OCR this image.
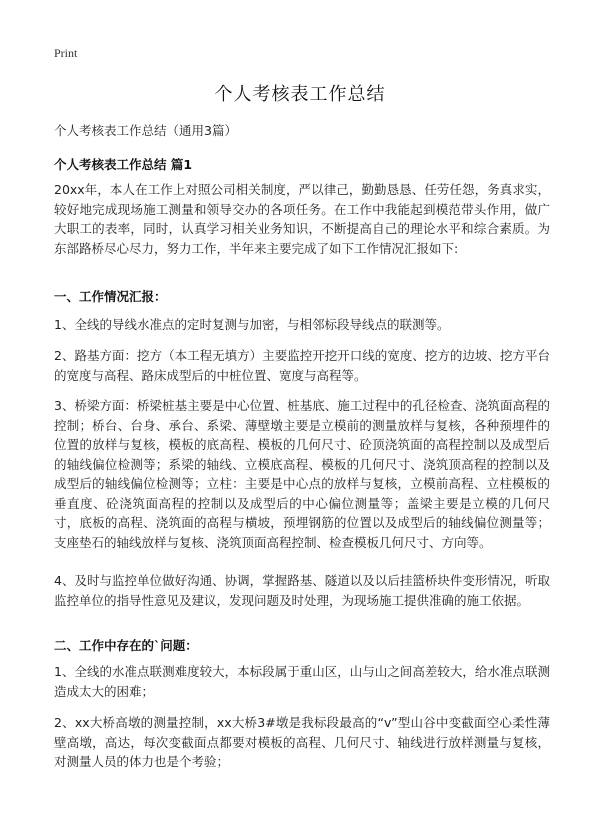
Print
个人考核表工作总结
个人考核表工作总结（通用3篇）
个人考核表工作总结 篇1
20xx年，本人在工作上对照公司相关制度，严以律己，勤勤恳恳、任劳任怨，务真求实，较好地完成现场施工测量和领导交办的各项任务。在工作中我能起到模范带头作用，做广大职工的表率，同时，认真学习相关业务知识，不断提高自己的理论水平和综合素质。为东部路桥尽心尽力，努力工作，半年来主要完成了如下工作情况汇报如下:
一、工作情况汇报：
1、全线的导线水准点的定时复测与加密，与相邻标段导线点的联测等。
2、路基方面：挖方（本工程无填方）主要监控开挖开口线的宽度、挖方的边坡、挖方平台的宽度与高程、路床成型后的中桩位置、宽度与高程等。
3、桥梁方面：桥梁桩基主要是中心位置、桩基底、施工过程中的孔径检查、浇筑面高程的控制；桥台、台身、承台、系梁、薄壁墩主要是立模前的测量放样与复核，各种预埋件的位置的放样与复核，模板的底高程、模板的几何尺寸、砼顶浇筑面的高程控制以及成型后的轴线偏位检测等；系梁的轴线、立模底高程、模板的几何尺寸、浇筑顶高程的控制以及成型后的轴线偏位检测等；立柱：主要是中心点的放样与复核，立模前高程、立柱模板的垂直度、砼浇筑面高程的控制以及成型后的中心偏位测量等；盖梁主要是立模的几何尺寸，底板的高程、浇筑面的高程与横坡，预埋钢筋的位置以及成型后的轴线偏位测量等；支座垫石的轴线放样与复核、浇筑顶面高程控制、检查模板几何尺寸、方向等。
4、及时与监控单位做好沟通、协调，掌握路基、隧道以及以后挂篮桥块件变形情况，听取监控单位的指导性意见及建议，发现问题及时处理，为现场施工提供准确的施工依据。
二、工作中存在的`问题：
1、全线的水准点联测难度较大，本标段属于重山区，山与山之间高差较大，给水准点联测造成太大的困难；
2、xx大桥高墩的测量控制，xx大桥3#墩是我标段最高的“v”型山谷中变截面空心柔性薄壁高墩，高达，每次变截面点都要对模板的高程、几何尺寸、轴线进行放样测量与复核，对测量人员的体力也是个考验；
